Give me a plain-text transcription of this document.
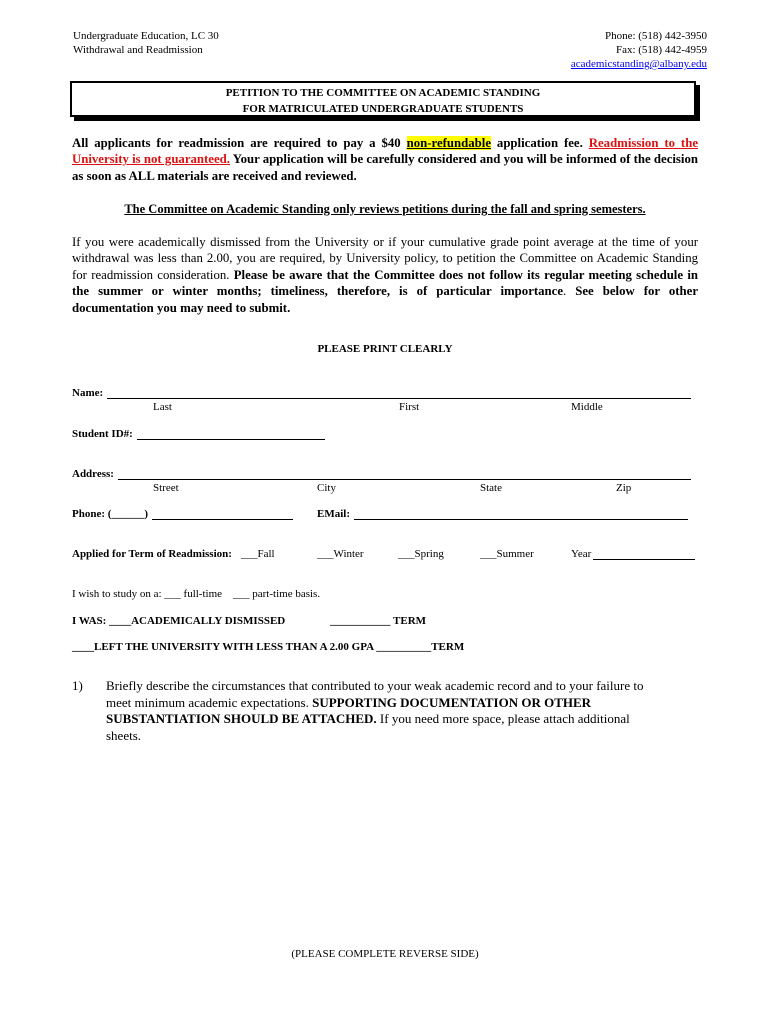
Undergraduate Education, LC 30
Withdrawal and Readmission
Phone: (518) 442-3950
Fax: (518) 442-4959
academicstanding@albany.edu
PETITION TO THE COMMITTEE ON ACADEMIC STANDING
FOR MATRICULATED UNDERGRADUATE STUDENTS
All applicants for readmission are required to pay a $40 non-refundable application fee. Readmission to the University is not guaranteed. Your application will be carefully considered and you will be informed of the decision as soon as ALL materials are received and reviewed.
The Committee on Academic Standing only reviews petitions during the fall and spring semesters.
If you were academically dismissed from the University or if your cumulative grade point average at the time of your withdrawal was less than 2.00, you are required, by University policy, to petition the Committee on Academic Standing for readmission consideration. Please be aware that the Committee does not follow its regular meeting schedule in the summer or winter months; timeliness, therefore, is of particular importance. See below for other documentation you may need to submit.
PLEASE PRINT CLEARLY
Name:
Last	First	Middle
Student ID#:
Address:
Street	City	State	Zip
Phone: (______)	EMail:
Applied for Term of Readmission: ___Fall	___Winter	___Spring	___Summer	Year
I wish to study on a: ___ full-time    ___ part-time basis.
I WAS: ____ACADEMICALLY DISMISSED	___________ TERM
____LEFT THE UNIVERSITY WITH LESS THAN A 2.00 GPA __________TERM
1) Briefly describe the circumstances that contributed to your weak academic record and to your failure to meet minimum academic expectations. SUPPORTING DOCUMENTATION OR OTHER SUBSTANTIATION SHOULD BE ATTACHED. If you need more space, please attach additional sheets.
(PLEASE COMPLETE REVERSE SIDE)
